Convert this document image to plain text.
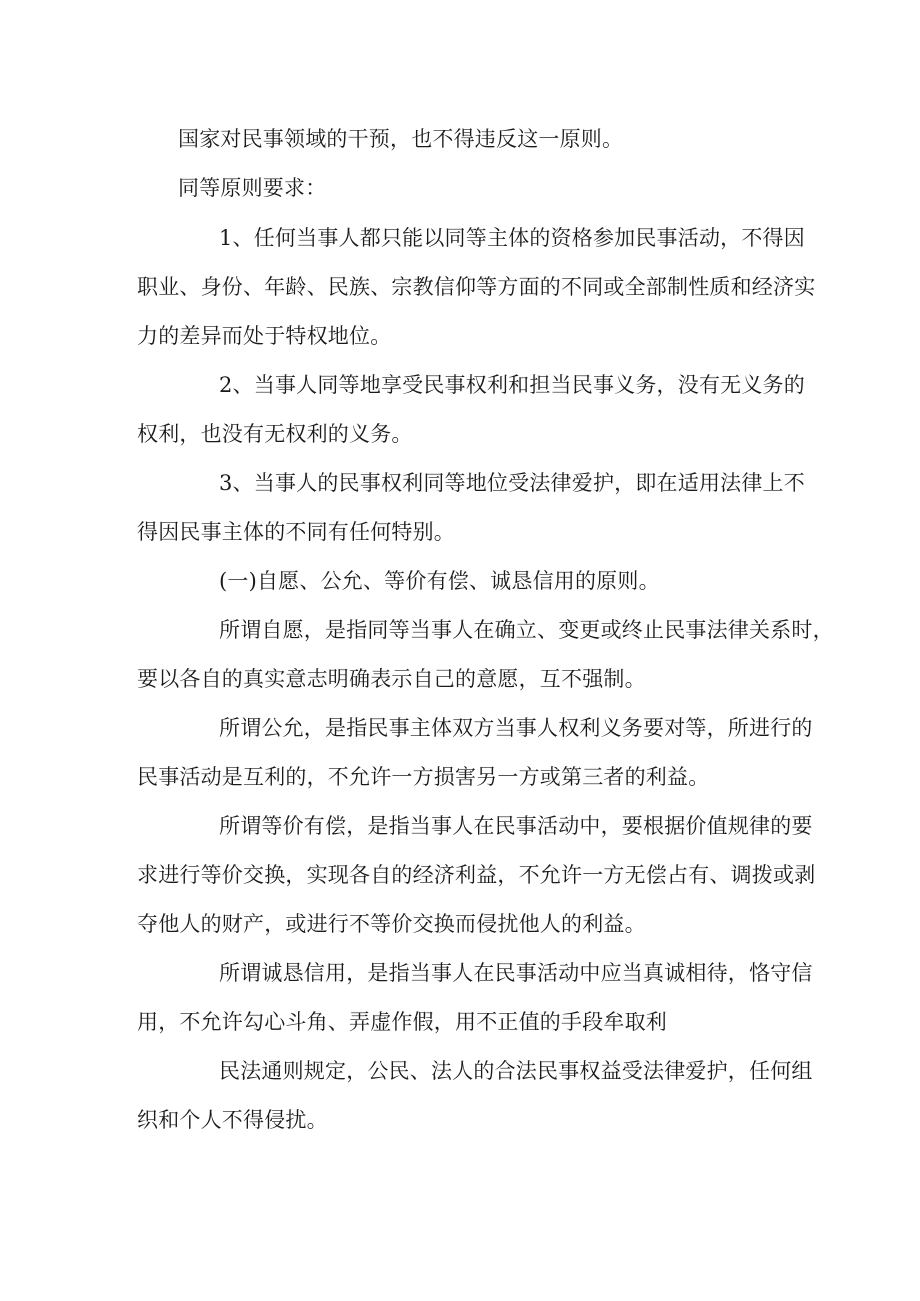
国家对民事领域的干预，也不得违反这一原则。
同等原则要求：
1、任何当事人都只能以同等主体的资格参加民事活动，不得因
职业、身份、年龄、民族、宗教信仰等方面的不同或全部制性质和经济实
力的差异而处于特权地位。
2、当事人同等地享受民事权利和担当民事义务，没有无义务的
权利，也没有无权利的义务。
3、当事人的民事权利同等地位受法律爱护，即在适用法律上不
得因民事主体的不同有任何特别。
(一)自愿、公允、等价有偿、诚恳信用的原则。
所谓自愿，是指同等当事人在确立、变更或终止民事法律关系时，
要以各自的真实意志明确表示自己的意愿，互不强制。
所谓公允，是指民事主体双方当事人权利义务要对等，所进行的
民事活动是互利的，不允许一方损害另一方或第三者的利益。
所谓等价有偿，是指当事人在民事活动中，要根据价值规律的要
求进行等价交换，实现各自的经济利益，不允许一方无偿占有、调拨或剥
夺他人的财产，或进行不等价交换而侵扰他人的利益。
所谓诚恳信用，是指当事人在民事活动中应当真诚相待，恪守信
用，不允许勾心斗角、弄虚作假，用不正值的手段牟取利
民法通则规定，公民、法人的合法民事权益受法律爱护，任何组
织和个人不得侵扰。
